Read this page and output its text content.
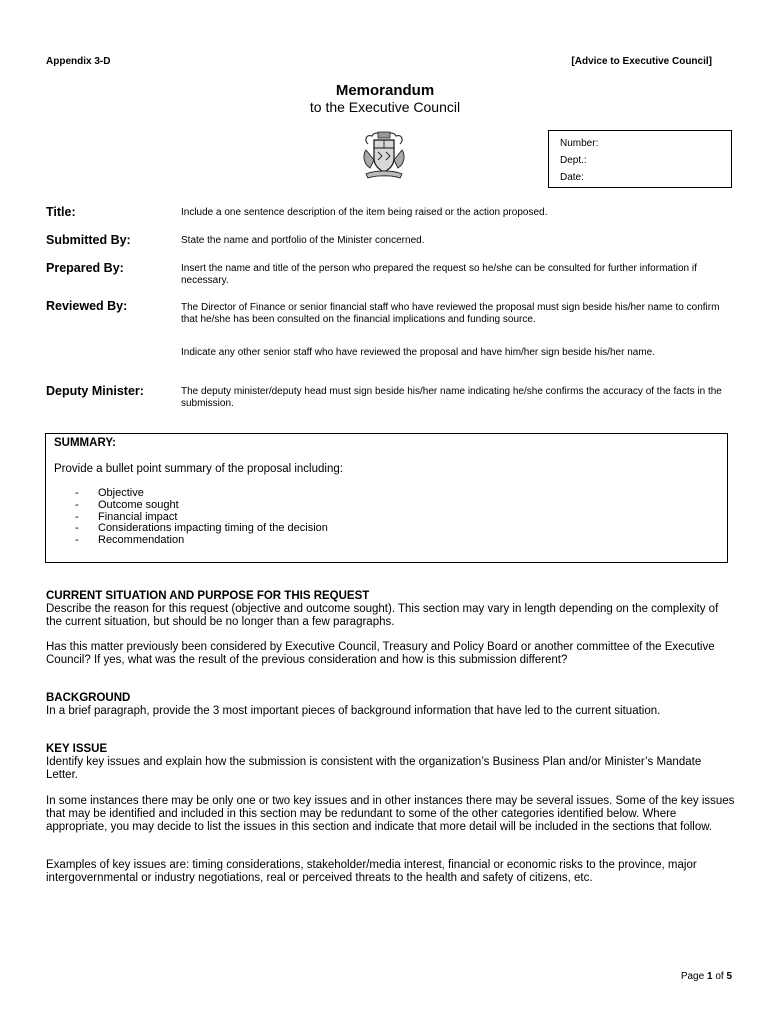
Appendix 3-D	[Advice to Executive Council]
Memorandum
to the Executive Council
Number:
Dept.:
Date:
Title:	Include a one sentence description of the item being raised or the action proposed.
Submitted By:	State the name and portfolio of the Minister concerned.
Prepared By:	Insert the name and title of the person who prepared the request so he/she can be consulted for further information if necessary.
Reviewed By:	The Director of Finance or senior financial staff who have reviewed the proposal must sign beside his/her name to confirm that he/she has been consulted on the financial implications and funding source.
Indicate any other senior staff who have reviewed the proposal and have him/her sign beside his/her name.
Deputy Minister:	The deputy minister/deputy head must sign beside his/her name indicating he/she confirms the accuracy of the facts in the submission.
SUMMARY:
Provide a bullet point summary of the proposal including:
- Objective
- Outcome sought
- Financial impact
- Considerations impacting timing of the decision
- Recommendation
CURRENT SITUATION AND PURPOSE FOR THIS REQUEST
Describe the reason for this request (objective and outcome sought). This section may vary in length depending on the complexity of the current situation, but should be no longer than a few paragraphs.
Has this matter previously been considered by Executive Council, Treasury and Policy Board or another committee of the Executive Council? If yes, what was the result of the previous consideration and how is this submission different?
BACKGROUND
In a brief paragraph, provide the 3 most important pieces of background information that have led to the current situation.
KEY ISSUE
Identify key issues and explain how the submission is consistent with the organization’s Business Plan and/or Minister’s Mandate Letter.
In some instances there may be only one or two key issues and in other instances there may be several issues. Some of the key issues that may be identified and included in this section may be redundant to some of the other categories identified below. Where appropriate, you may decide to list the issues in this section and indicate that more detail will be included in the sections that follow.
Examples of key issues are: timing considerations, stakeholder/media interest, financial or economic risks to the province, major intergovernmental or industry negotiations, real or perceived threats to the health and safety of citizens, etc.
Page 1 of 5
